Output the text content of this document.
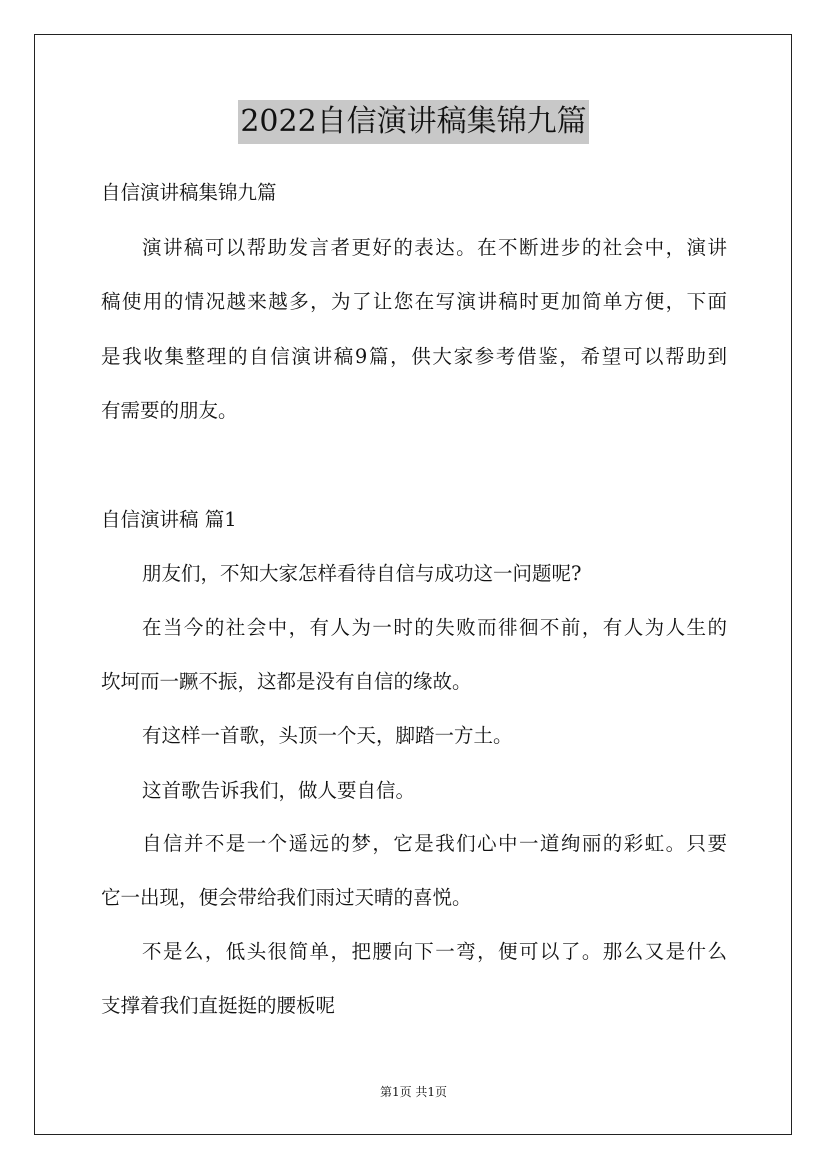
2022自信演讲稿集锦九篇
自信演讲稿集锦九篇
演讲稿可以帮助发言者更好的表达。在不断进步的社会中，演讲
稿使用的情况越来越多，为了让您在写演讲稿时更加简单方便，下面
是我收集整理的自信演讲稿9篇，供大家参考借鉴，希望可以帮助到
有需要的朋友。
自信演讲稿 篇1
朋友们，不知大家怎样看待自信与成功这一问题呢?
在当今的社会中，有人为一时的失败而徘徊不前，有人为人生的
坎坷而一蹶不振，这都是没有自信的缘故。
有这样一首歌，头顶一个天，脚踏一方土。
这首歌告诉我们，做人要自信。
自信并不是一个遥远的梦，它是我们心中一道绚丽的彩虹。只要
它一出现，便会带给我们雨过天晴的喜悦。
不是么，低头很简单，把腰向下一弯，便可以了。那么又是什么
支撑着我们直挺挺的腰板呢
第1页 共1页
